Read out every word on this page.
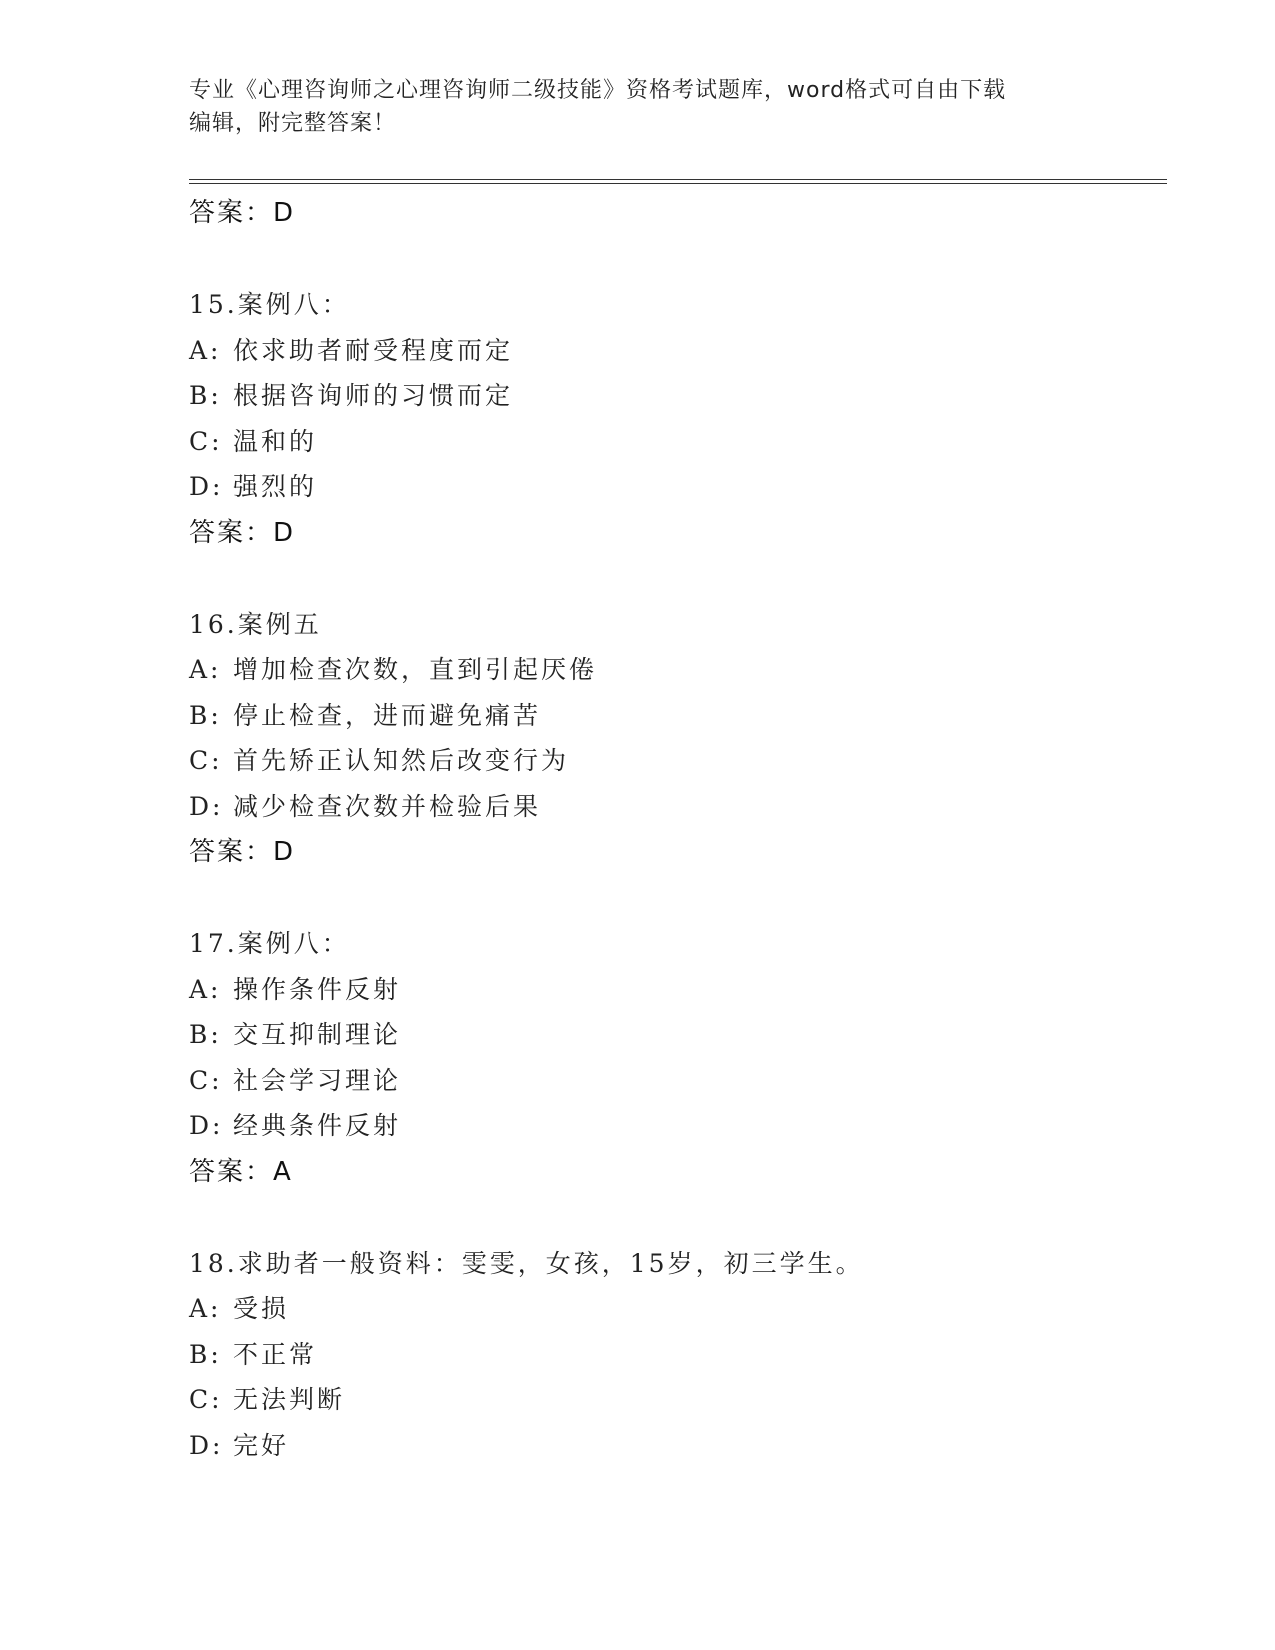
专业《心理咨询师之心理咨询师二级技能》资格考试题库，word格式可自由下载
编辑，附完整答案！
答案：D
15.案例八：
A: 依求助者耐受程度而定
B: 根据咨询师的习惯而定
C: 温和的
D: 强烈的
答案：D
16.案例五
A: 增加检查次数，直到引起厌倦
B: 停止检查，进而避免痛苦
C: 首先矫正认知然后改变行为
D: 减少检查次数并检验后果
答案：D
17.案例八：
A: 操作条件反射
B: 交互抑制理论
C: 社会学习理论
D: 经典条件反射
答案：A
18.求助者一般资料：雯雯，女孩，15岁，初三学生。
A: 受损
B: 不正常
C: 无法判断
D: 完好
